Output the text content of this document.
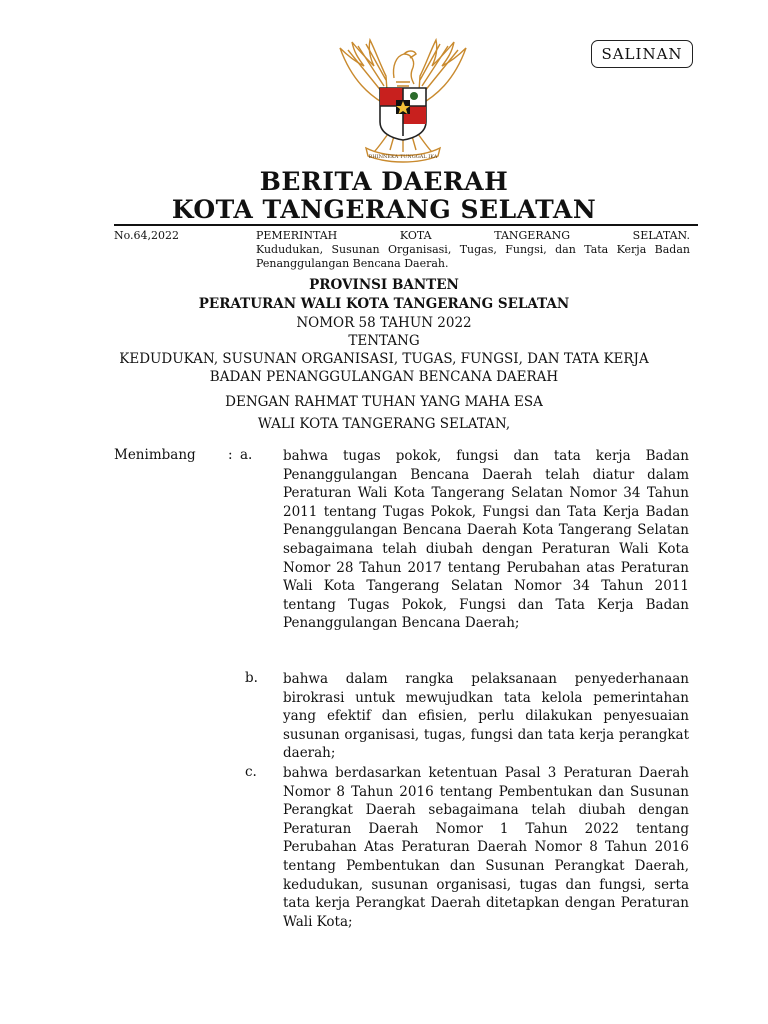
SALINAN
BHINNEKA TUNGGAL IKA
BERITA DAERAH
KOTA TANGERANG SELATAN
No.64,2022	PEMERINTAH	KOTA	TANGERANG	SELATAN.
Kududukan, Susunan Organisasi, Tugas, Fungsi, dan Tata Kerja Badan Penanggulangan Bencana Daerah.
PROVINSI BANTEN
PERATURAN WALI KOTA TANGERANG SELATAN
NOMOR 58 TAHUN 2022
TENTANG
KEDUDUKAN, SUSUNAN ORGANISASI, TUGAS, FUNGSI, DAN TATA KERJA
BADAN PENANGGULANGAN BENCANA DAERAH
DENGAN RAHMAT TUHAN YANG MAHA ESA
WALI KOTA TANGERANG SELATAN,
Menimbang : a. bahwa tugas pokok, fungsi dan tata kerja Badan Penanggulangan Bencana Daerah telah diatur dalam Peraturan Wali Kota Tangerang Selatan Nomor 34 Tahun 2011 tentang Tugas Pokok, Fungsi dan Tata Kerja Badan Penanggulangan Bencana Daerah Kota Tangerang Selatan sebagaimana telah diubah dengan Peraturan Wali Kota Nomor 28 Tahun 2017 tentang Perubahan atas Peraturan Wali Kota Tangerang Selatan Nomor 34 Tahun 2011 tentang Tugas Pokok, Fungsi dan Tata Kerja Badan Penanggulangan Bencana Daerah;
b. bahwa dalam rangka pelaksanaan penyederhanaan birokrasi untuk mewujudkan tata kelola pemerintahan yang efektif dan efisien, perlu dilakukan penyesuaian susunan organisasi, tugas, fungsi dan tata kerja perangkat daerah;
c. bahwa berdasarkan ketentuan Pasal 3 Peraturan Daerah Nomor 8 Tahun 2016 tentang Pembentukan dan Susunan Perangkat Daerah sebagaimana telah diubah dengan Peraturan Daerah Nomor 1 Tahun 2022 tentang Perubahan Atas Peraturan Daerah Nomor 8 Tahun 2016 tentang Pembentukan dan Susunan Perangkat Daerah, kedudukan, susunan organisasi, tugas dan fungsi, serta tata kerja Perangkat Daerah ditetapkan dengan Peraturan Wali Kota;
